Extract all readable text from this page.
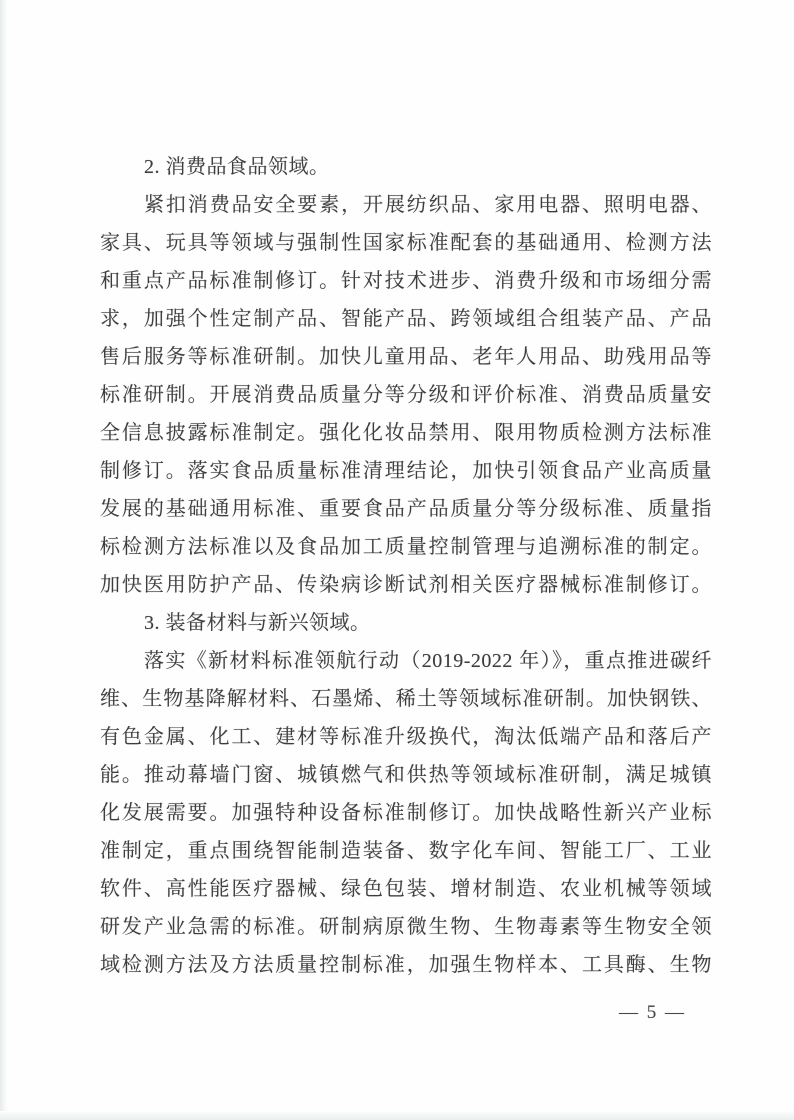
2. 消费品食品领域。
紧扣消费品安全要素，开展纺织品、家用电器、照明电器、
家具、玩具等领域与强制性国家标准配套的基础通用、检测方法
和重点产品标准制修订。针对技术进步、消费升级和市场细分需
求，加强个性定制产品、智能产品、跨领域组合组装产品、产品
售后服务等标准研制。加快儿童用品、老年人用品、助残用品等
标准研制。开展消费品质量分等分级和评价标准、消费品质量安
全信息披露标准制定。强化化妆品禁用、限用物质检测方法标准
制修订。落实食品质量标准清理结论，加快引领食品产业高质量
发展的基础通用标准、重要食品产品质量分等分级标准、质量指
标检测方法标准以及食品加工质量控制管理与追溯标准的制定。
加快医用防护产品、传染病诊断试剂相关医疗器械标准制修订。
3. 装备材料与新兴领域。
落实《新材料标准领航行动（2019-2022 年）》，重点推进碳纤
维、生物基降解材料、石墨烯、稀土等领域标准研制。加快钢铁、
有色金属、化工、建材等标准升级换代，淘汰低端产品和落后产
能。推动幕墙门窗、城镇燃气和供热等领域标准研制，满足城镇
化发展需要。加强特种设备标准制修订。加快战略性新兴产业标
准制定，重点围绕智能制造装备、数字化车间、智能工厂、工业
软件、高性能医疗器械、绿色包装、增材制造、农业机械等领域
研发产业急需的标准。研制病原微生物、生物毒素等生物安全领
域检测方法及方法质量控制标准，加强生物样本、工具酶、生物
— 5 —
